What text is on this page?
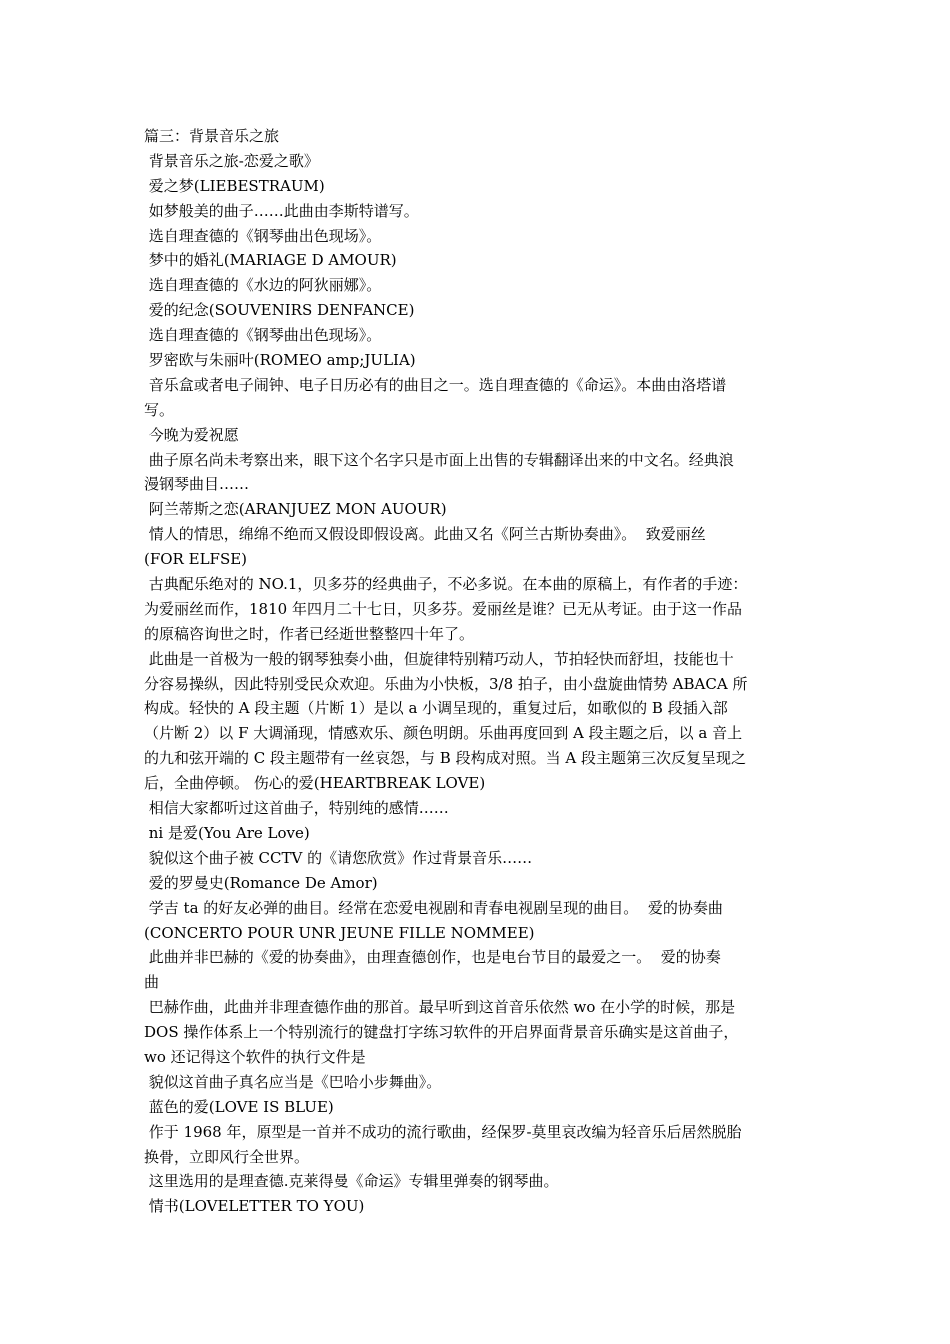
篇三：背景音乐之旅
背景音乐之旅-恋爱之歌》
爱之梦(LIEBESTRAUM)
如梦般美的曲子……此曲由李斯特谱写。
选自理查德的《钢琴曲出色现场》。
梦中的婚礼(MARIAGE D AMOUR)
选自理查德的《水边的阿狄丽娜》。
爱的纪念(SOUVENIRS DENFANCE)
选自理查德的《钢琴曲出色现场》。
罗密欧与朱丽叶(ROMEO amp;JULIA)
音乐盒或者电子闹钟、电子日历必有的曲目之一。选自理查德的《命运》。本曲由洛塔谱
写。
今晚为爱祝愿
曲子原名尚未考察出来，眼下这个名字只是市面上出售的专辑翻译出来的中文名。经典浪
漫钢琴曲目……
阿兰蒂斯之恋(ARANJUEZ MON AUOUR)
情人的情思，绵绵不绝而又假设即假设离。此曲又名《阿兰古斯协奏曲》。  致爱丽丝
(FOR ELFSE)
古典配乐绝对的 NO.1，贝多芬的经典曲子，不必多说。在本曲的原稿上，有作者的手迹：
为爱丽丝而作，1810 年四月二十七日，贝多芬。爱丽丝是谁？已无从考证。由于这一作品
的原稿咨询世之时，作者已经逝世整整四十年了。
此曲是一首极为一般的钢琴独奏小曲，但旋律特别精巧动人，节拍轻快而舒坦，技能也十
分容易操纵，因此特别受民众欢迎。乐曲为小快板，3/8 拍子，由小盘旋曲情势 ABACA 所
构成。轻快的 A 段主题（片断 1）是以 a 小调呈现的，重复过后，如歌似的 B 段插入部
（片断 2）以 F 大调涌现，情感欢乐、颜色明朗。乐曲再度回到 A 段主题之后，以 a 音上
的九和弦开端的 C 段主题带有一丝哀怨，与 B 段构成对照。当 A 段主题第三次反复呈现之
后，全曲停顿。 伤心的爱(HEARTBREAK LOVE)
相信大家都听过这首曲子，特别纯的感情……
ni 是爱(You Are Love)
貌似这个曲子被 CCTV 的《请您欣赏》作过背景音乐……
爱的罗曼史(Romance De Amor)
学吉 ta 的好友必弹的曲目。经常在恋爱电视剧和青春电视剧呈现的曲目。  爱的协奏曲
(CONCERTO POUR UNR JEUNE FILLE NOMMEE)
此曲并非巴赫的《爱的协奏曲》，由理查德创作，也是电台节目的最爱之一。  爱的协奏
曲
巴赫作曲，此曲并非理查德作曲的那首。最早听到这首音乐依然 wo 在小学的时候，那是
DOS 操作体系上一个特别流行的键盘打字练习软件的开启界面背景音乐确实是这首曲子，
wo 还记得这个软件的执行文件是
貌似这首曲子真名应当是《巴哈小步舞曲》。
蓝色的爱(LOVE IS BLUE)
作于 1968 年，原型是一首并不成功的流行歌曲，经保罗-莫里哀改编为轻音乐后居然脱胎
换骨，立即风行全世界。
这里选用的是理查德.克莱得曼《命运》专辑里弹奏的钢琴曲。
情书(LOVELETTER TO YOU)
